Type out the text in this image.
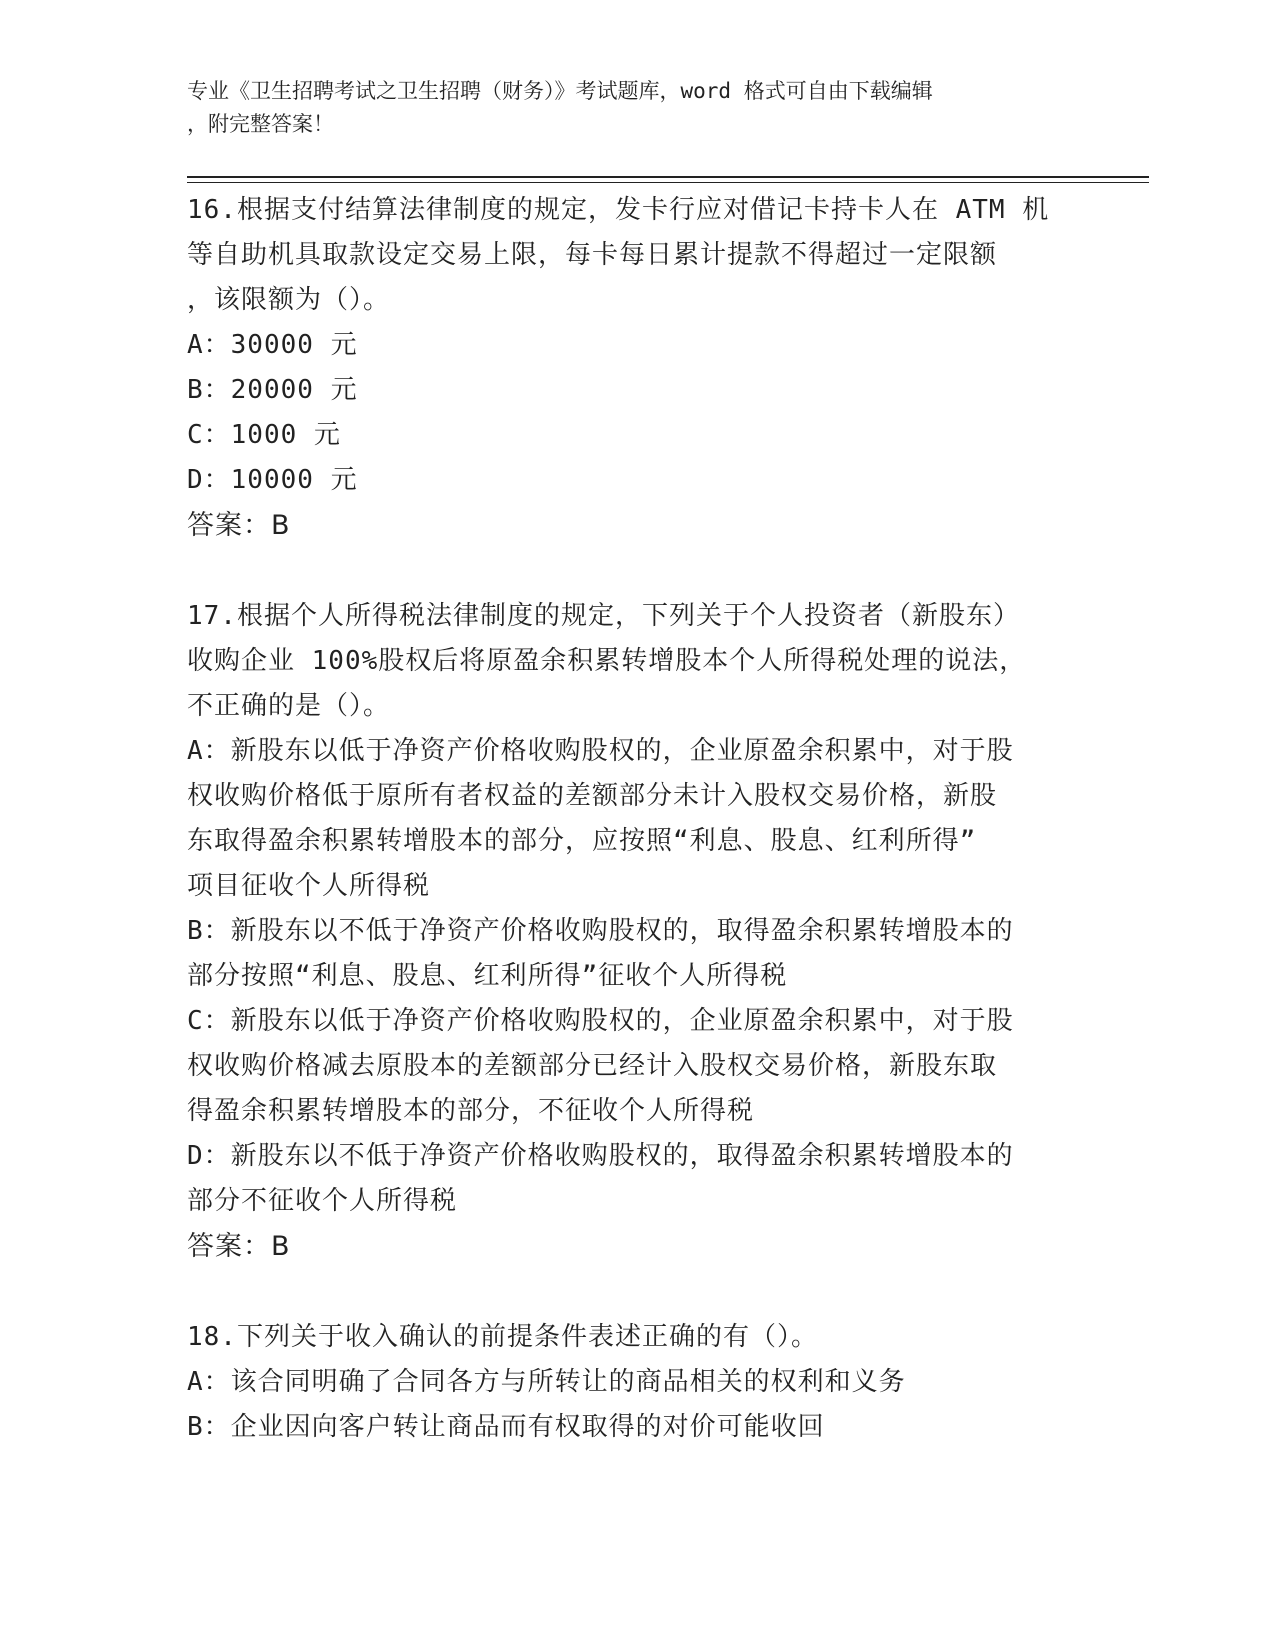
专业《卫生招聘考试之卫生招聘（财务）》考试题库，word 格式可自由下载编辑
，附完整答案！
16.根据支付结算法律制度的规定，发卡行应对借记卡持卡人在 ATM 机
等自助机具取款设定交易上限，每卡每日累计提款不得超过一定限额
，该限额为（）。
A：30000 元
B：20000 元
C：1000 元
D：10000 元
答案：B
17.根据个人所得税法律制度的规定，下列关于个人投资者（新股东）
收购企业 100%股权后将原盈余积累转增股本个人所得税处理的说法，
不正确的是（）。
A：新股东以低于净资产价格收购股权的，企业原盈余积累中，对于股
权收购价格低于原所有者权益的差额部分未计入股权交易价格，新股
东取得盈余积累转增股本的部分，应按照“利息、股息、红利所得”
项目征收个人所得税
B：新股东以不低于净资产价格收购股权的，取得盈余积累转增股本的
部分按照“利息、股息、红利所得”征收个人所得税
C：新股东以低于净资产价格收购股权的，企业原盈余积累中，对于股
权收购价格减去原股本的差额部分已经计入股权交易价格，新股东取
得盈余积累转增股本的部分，不征收个人所得税
D：新股东以不低于净资产价格收购股权的，取得盈余积累转增股本的
部分不征收个人所得税
答案：B
18.下列关于收入确认的前提条件表述正确的有（）。
A：该合同明确了合同各方与所转让的商品相关的权利和义务
B：企业因向客户转让商品而有权取得的对价可能收回
